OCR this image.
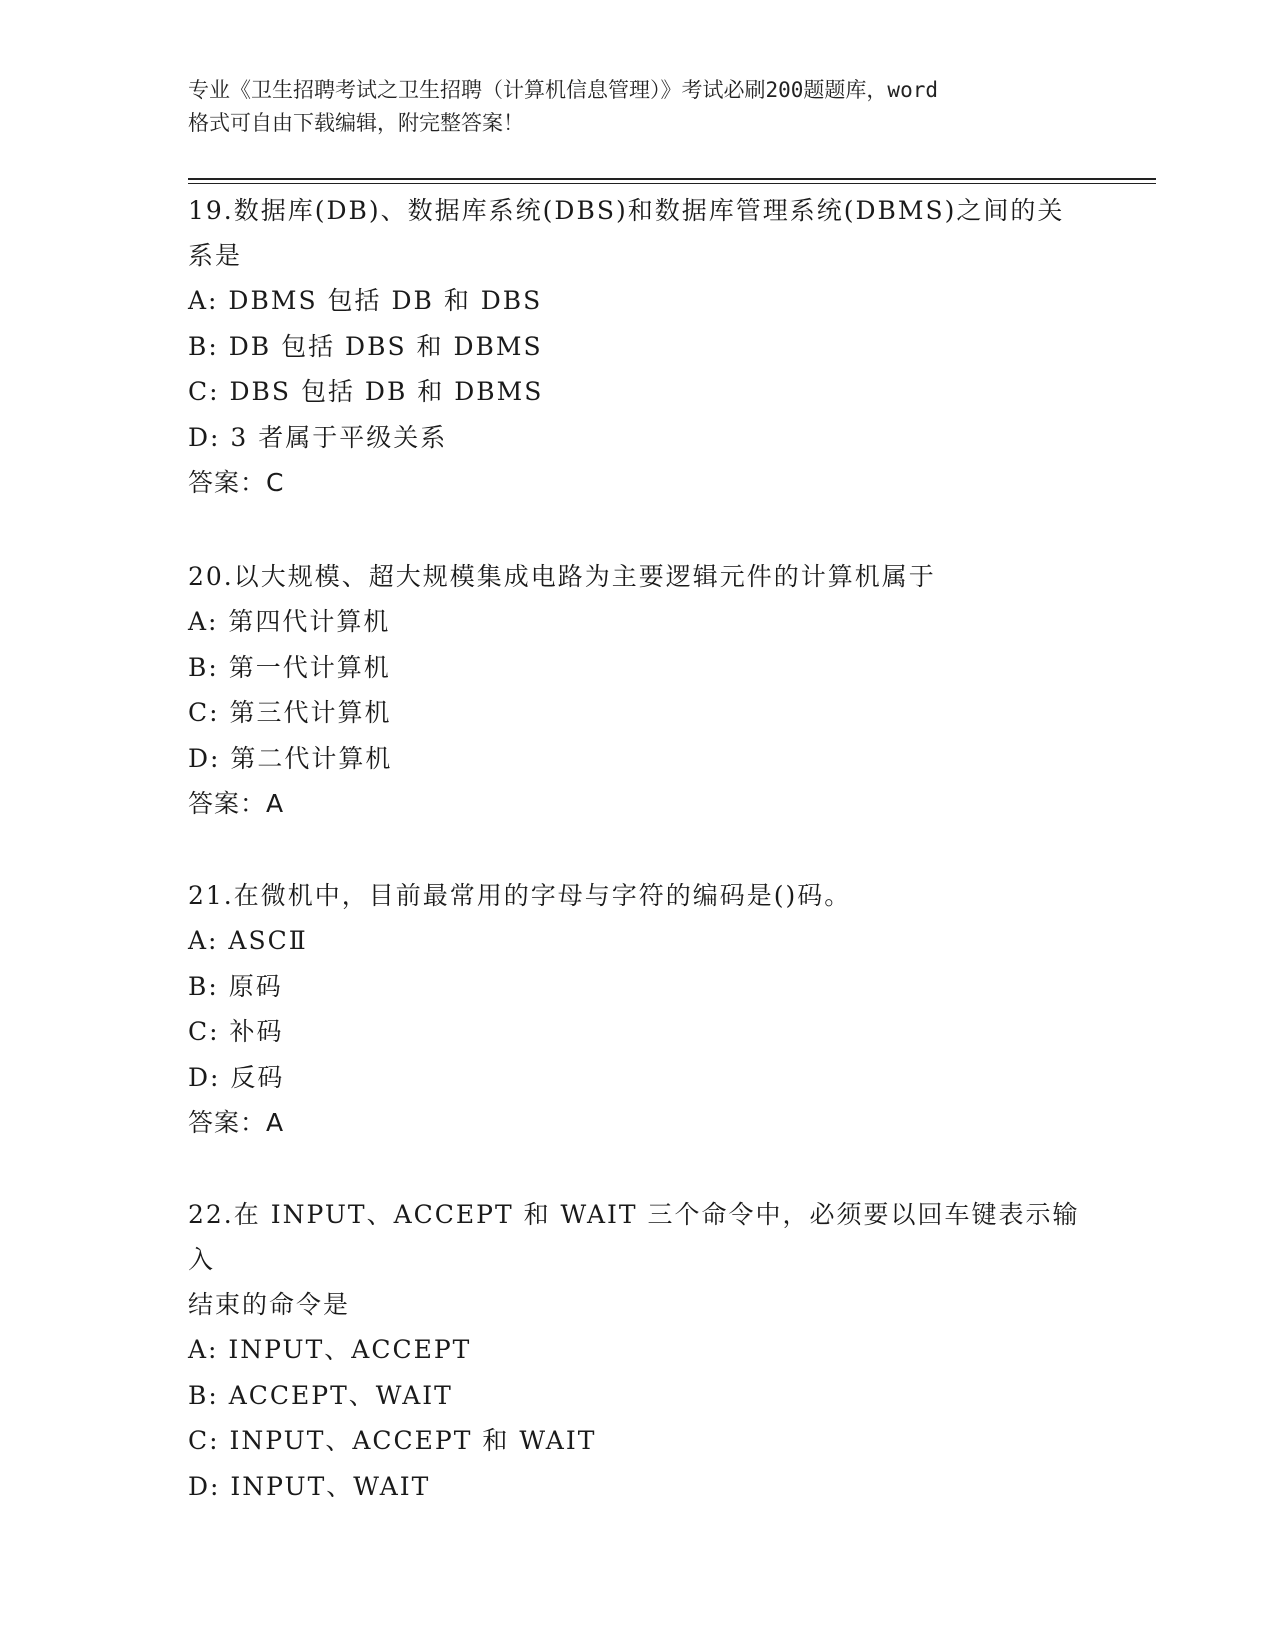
专业《卫生招聘考试之卫生招聘（计算机信息管理）》考试必刷200题题库，word
格式可自由下载编辑，附完整答案！
19.数据库(DB)、数据库系统(DBS)和数据库管理系统(DBMS)之间的关
系是
A: DBMS 包括 DB 和 DBS
B: DB 包括 DBS 和 DBMS
C: DBS 包括 DB 和 DBMS
D: 3 者属于平级关系
答案：C
20.以大规模、超大规模集成电路为主要逻辑元件的计算机属于
A: 第四代计算机
B: 第一代计算机
C: 第三代计算机
D: 第二代计算机
答案：A
21.在微机中，目前最常用的字母与字符的编码是()码。
A: ASCⅡ
B: 原码
C: 补码
D: 反码
答案：A
22.在 INPUT、ACCEPT 和 WAIT 三个命令中，必须要以回车键表示输入
结束的命令是
A: INPUT、ACCEPT
B: ACCEPT、WAIT
C: INPUT、ACCEPT 和 WAIT
D: INPUT、WAIT
